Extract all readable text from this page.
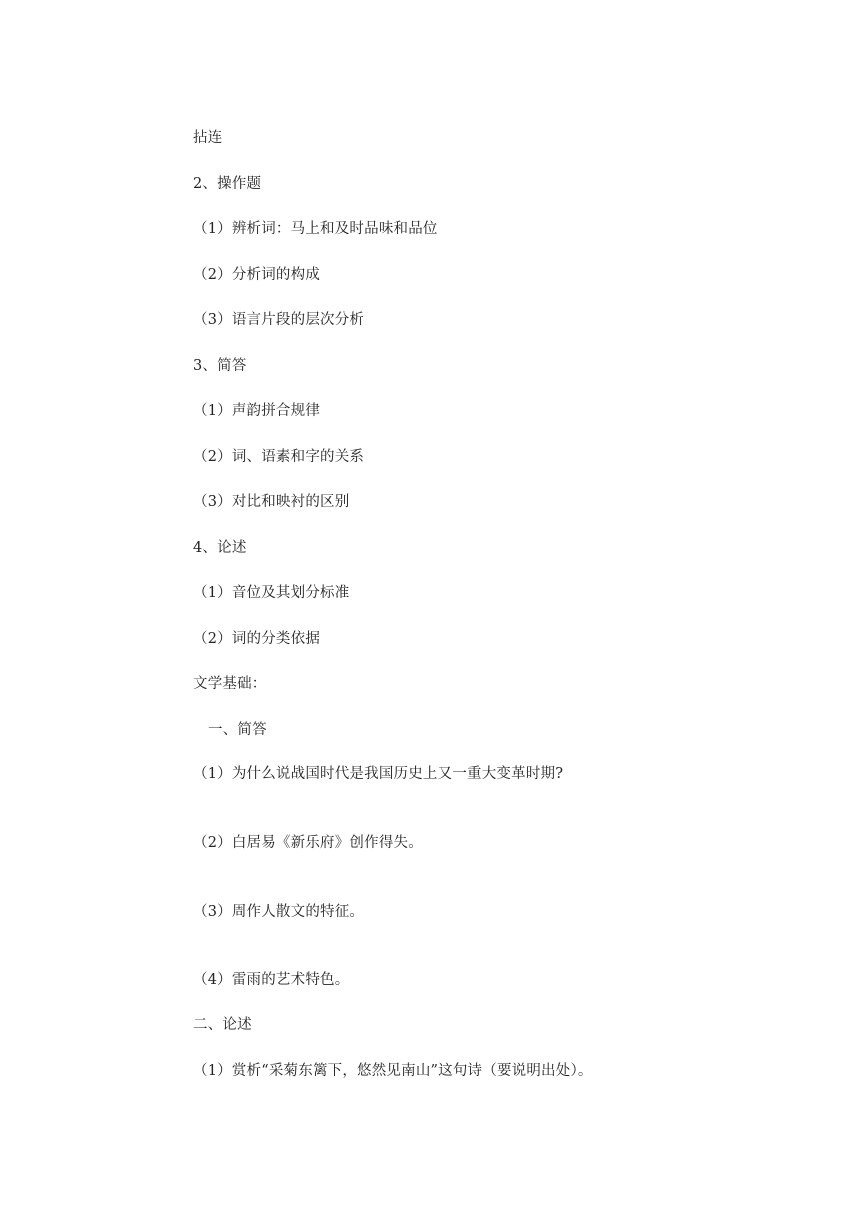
拈连
2、操作题
（1）辨析词：马上和及时品味和品位
（2）分析词的构成
（3）语言片段的层次分析
3、简答
（1）声韵拼合规律
（2）词、语素和字的关系
（3）对比和映衬的区别
4、论述
（1）音位及其划分标准
（2）词的分类依据
文学基础：
一、简答
（1）为什么说战国时代是我国历史上又一重大变革时期?
（2）白居易《新乐府》创作得失。
（3）周作人散文的特征。
（4）雷雨的艺术特色。
二、论述
（1）赏析“采菊东篱下，悠然见南山”这句诗（要说明出处）。
